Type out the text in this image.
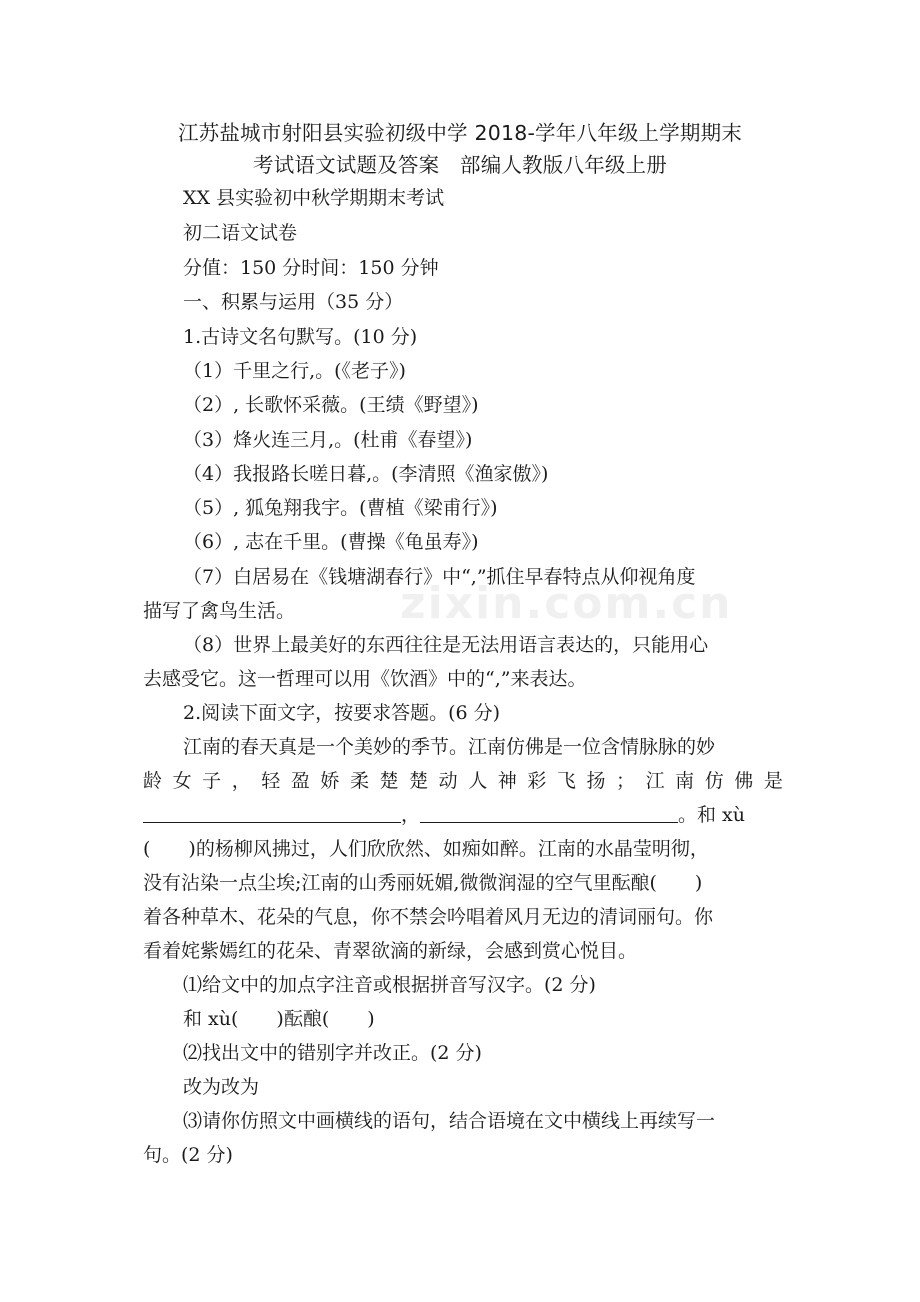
江苏盐城市射阳县实验初级中学 2018-学年八年级上学期期末
考试语文试题及答案　部编人教版八年级上册
XX 县实验初中秋学期期末考试
初二语文试卷
分值：150 分时间：150 分钟
一、积累与运用（35 分）
1.古诗文名句默写。(10 分)
（1）千里之行,。(《老子》)
（2）, 长歌怀采薇。(王绩《野望》)
（3）烽火连三月,。(杜甫《春望》)
（4）我报路长嗟日暮,。(李清照《渔家傲》)
（5）, 狐兔翔我宇。(曹植《梁甫行》)
（6）, 志在千里。(曹操《龟虽寿》)
（7）白居易在《钱塘湖春行》中“,”抓住早春特点从仰视角度
描写了禽鸟生活。
（8）世界上最美好的东西往往是无法用语言表达的，只能用心
去感受它。这一哲理可以用《饮酒》中的“,”来表达。
2.阅读下面文字，按要求答题。(6 分)
江南的春天真是一个美妙的季节。江南仿佛是一位含情脉脉的妙
龄 女 子 ， 轻 盈 娇 柔 楚 楚 动 人 神 彩 飞 扬 ； 江 南 仿 佛 是
，	。和 xù
(　　)的杨柳风拂过，人们欣欣然、如痴如醉。江南的水晶莹明彻，
没有沾染一点尘埃;江南的山秀丽妩媚,微微润湿的空气里酝酿(　　)
着各种草木、花朵的气息，你不禁会吟唱着风月无边的清词丽句。你
看着姹紫嫣红的花朵、青翠欲滴的新绿，会感到赏心悦目。
⑴给文中的加点字注音或根据拼音写汉字。(2 分)
和 xù(　　)酝酿(　　)
⑵找出文中的错别字并改正。(2 分)
改为改为
⑶请你仿照文中画横线的语句，结合语境在文中横线上再续写一
句。(2 分)
zixin.com.cn
